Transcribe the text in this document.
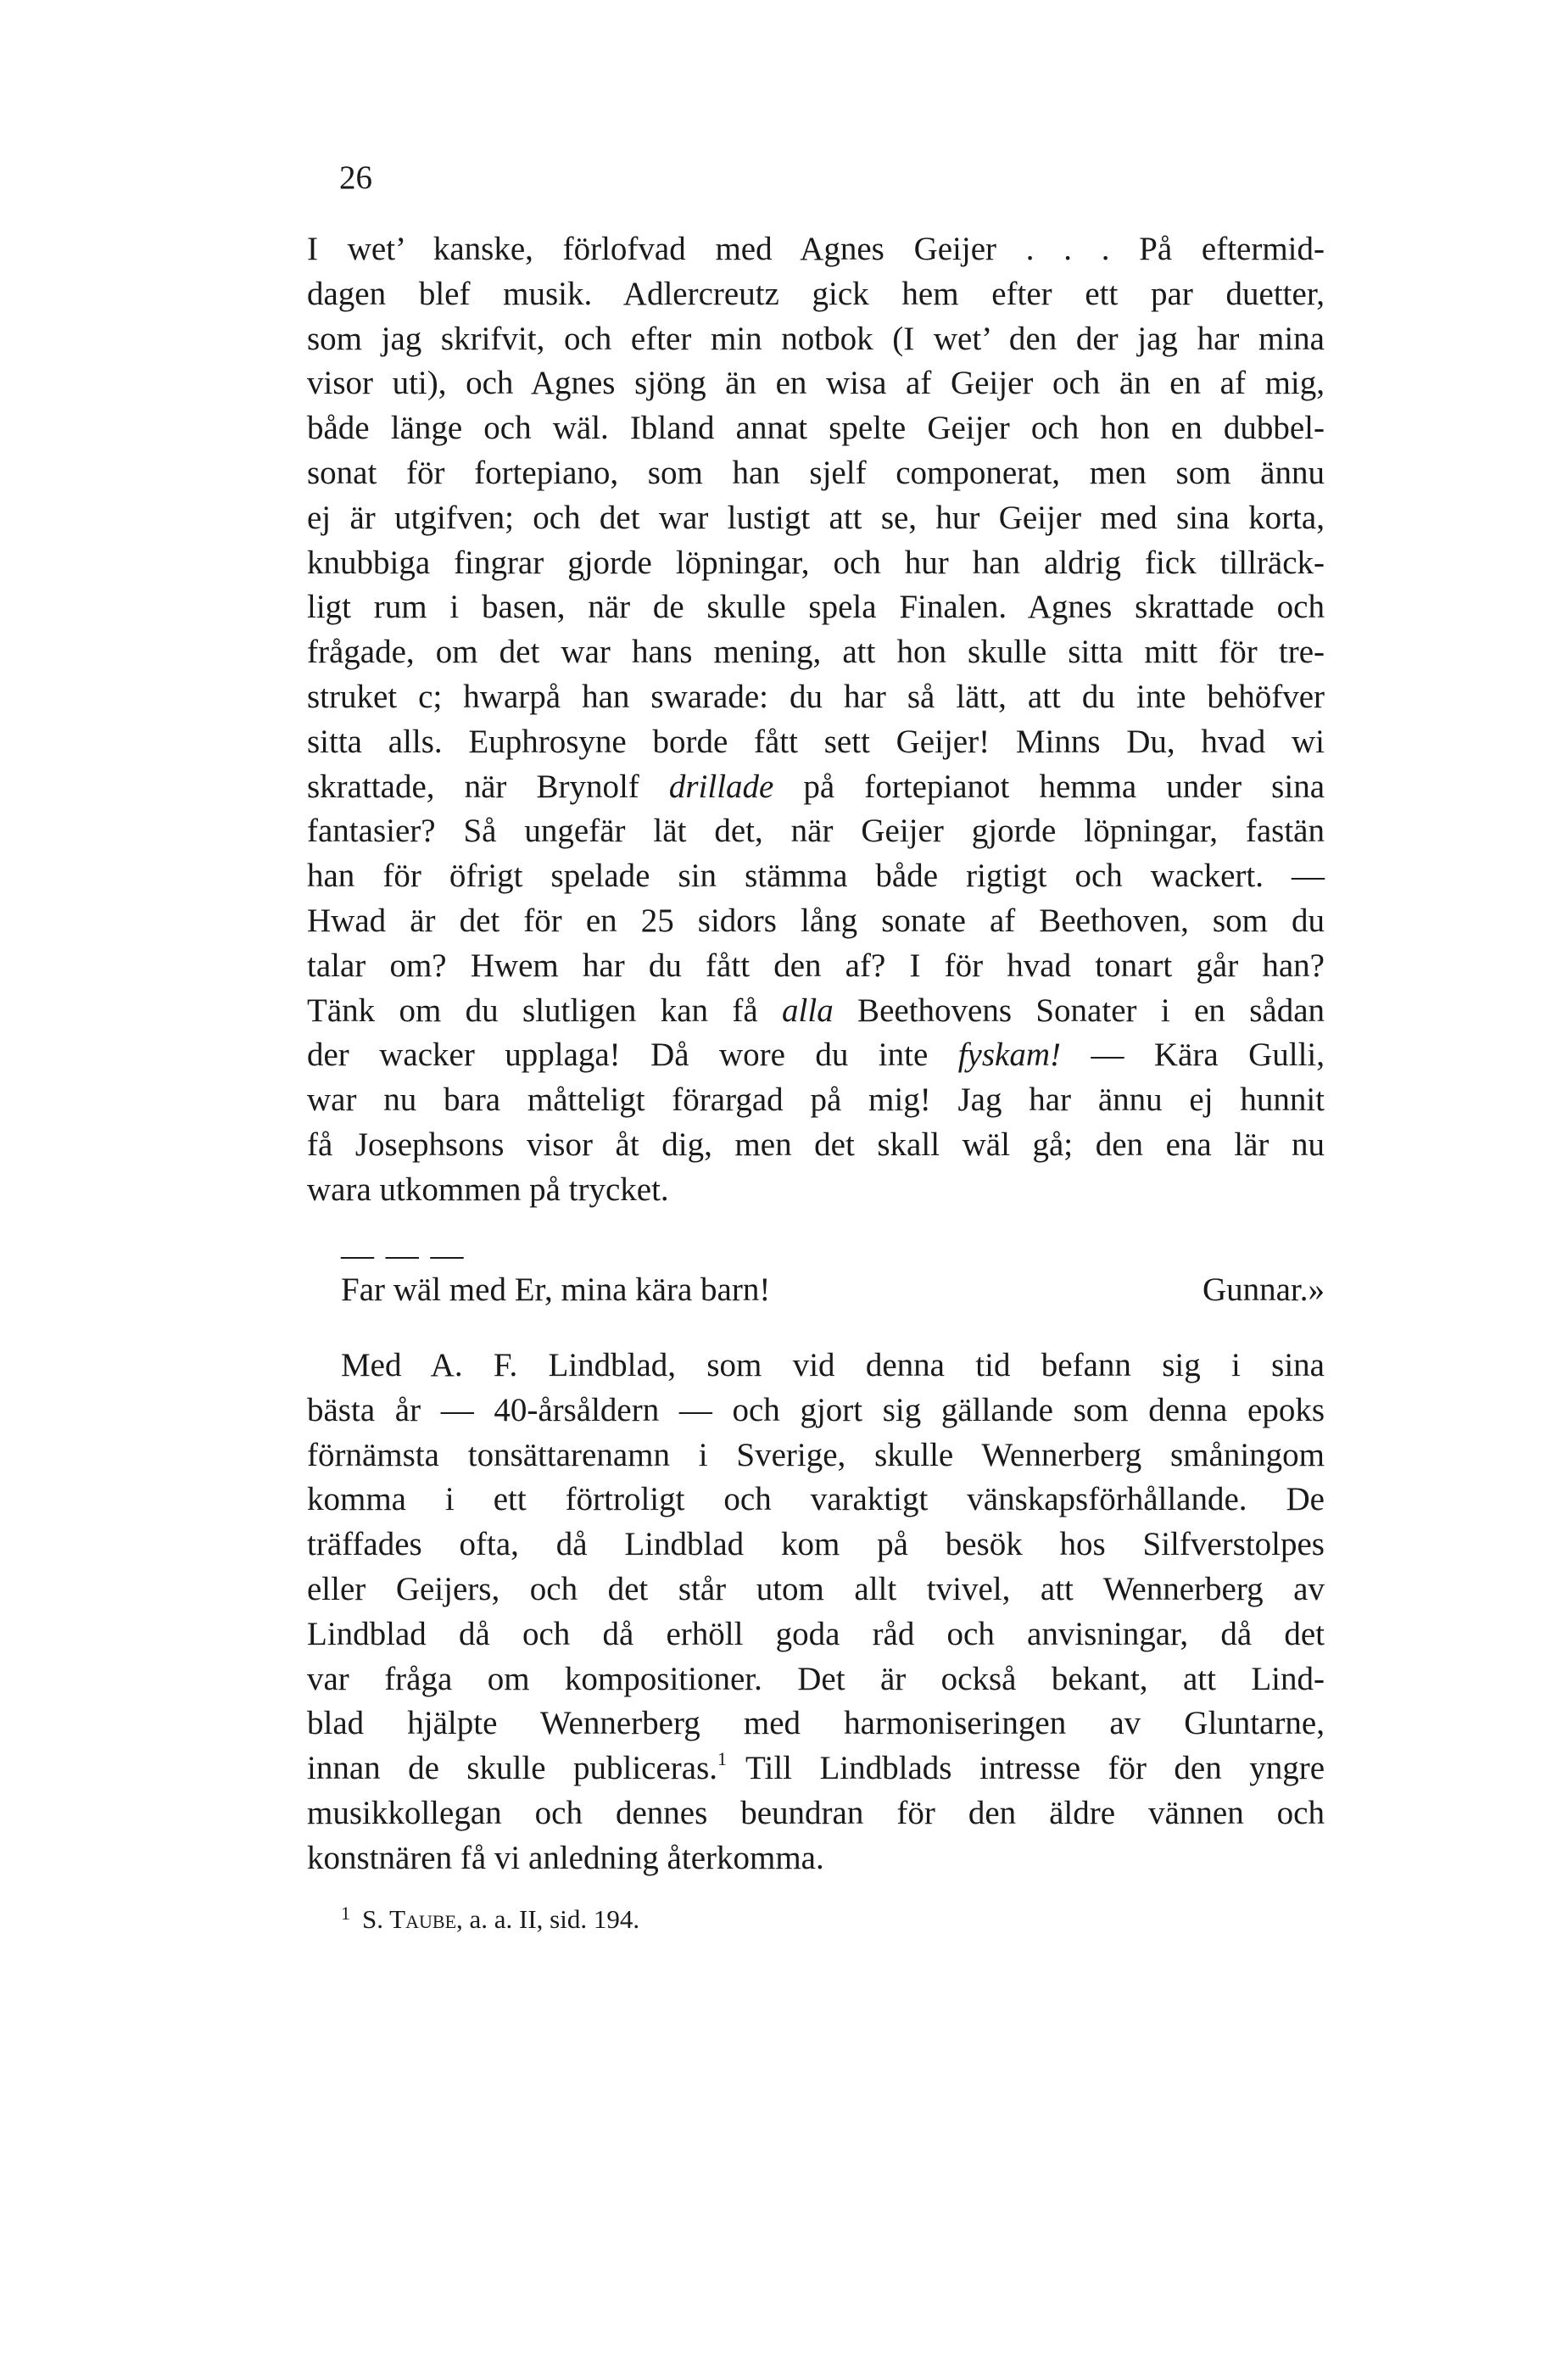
26
I wet’ kanske, förlofvad med Agnes Geijer . . . På eftermid-
dagen blef musik. Adlercreutz gick hem efter ett par duetter,
som jag skrifvit, och efter min notbok (I wet’ den der jag har mina
visor uti), och Agnes sjöng än en wisa af Geijer och än en af mig,
både länge och wäl. Ibland annat spelte Geijer och hon en dubbel-
sonat för fortepiano, som han sjelf componerat, men som ännu
ej är utgifven; och det war lustigt att se, hur Geijer med sina korta,
knubbiga fingrar gjorde löpningar, och hur han aldrig fick tillräck-
ligt rum i basen, när de skulle spela Finalen. Agnes skrattade och
frågade, om det war hans mening, att hon skulle sitta mitt för tre-
struket c; hwarpå han swarade: du har så lätt, att du inte behöfver
sitta alls. Euphrosyne borde fått sett Geijer! Minns Du, hvad wi
skrattade, när Brynolf drillade på fortepianot hemma under sina
fantasier? Så ungefär lät det, när Geijer gjorde löpningar, fastän
han för öfrigt spelade sin stämma både rigtigt och wackert. —
Hwad är det för en 25 sidors lång sonate af Beethoven, som du
talar om? Hwem har du fått den af? I för hvad tonart går han?
Tänk om du slutligen kan få alla Beethovens Sonater i en sådan
der wacker upplaga! Då wore du inte fyskam! — Kära Gulli,
war nu bara måtteligt förargad på mig! Jag har ännu ej hunnit
få Josephsons visor åt dig, men det skall wäl gå; den ena lär nu
wara utkommen på trycket.
— — —
Far wäl med Er, mina kära barn!	Gunnar.»
Med A. F. Lindblad, som vid denna tid befann sig i sina
bästa år — 40-årsåldern — och gjort sig gällande som denna epoks
förnämsta tonsättarenamn i Sverige, skulle Wennerberg småningom
komma i ett förtroligt och varaktigt vänskapsförhållande. De
träffades ofta, då Lindblad kom på besök hos Silfverstolpes
eller Geijers, och det står utom allt tvivel, att Wennerberg av
Lindblad då och då erhöll goda råd och anvisningar, då det
var fråga om kompositioner. Det är också bekant, att Lind-
blad hjälpte Wennerberg med harmoniseringen av Gluntarne,
innan de skulle publiceras.$^1$ Till Lindblads intresse för den yngre
musikkollegan och dennes beundran för den äldre vännen och
konstnären få vi anledning återkomma.
$^1$ S. Taube, a. a. II, sid. 194.
